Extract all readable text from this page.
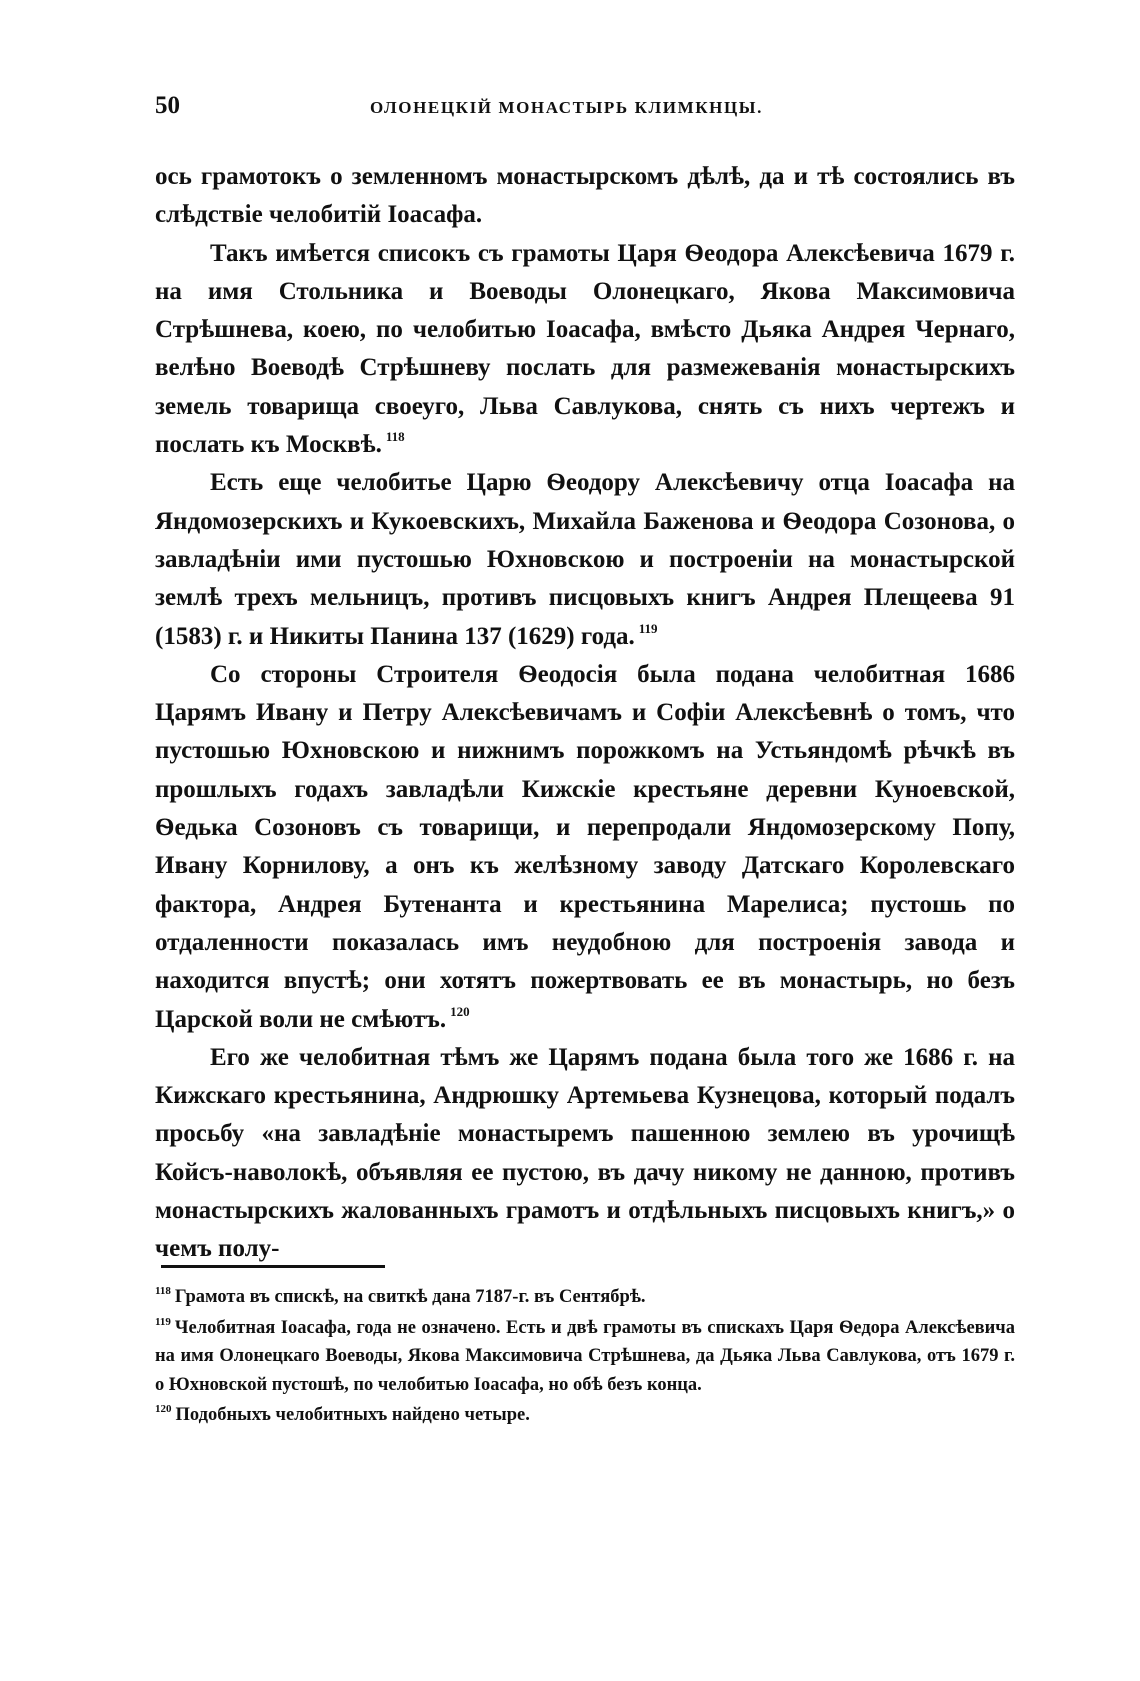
50	ОЛОНЕЦКІЙ МОНАСТЫРЬ КЛИМКНЦЫ.

ось грамотокъ о земленномъ монастырскомъ дѣлѣ, да и тѣ состоялись въ слѣдствіе челобитій Іоасафа.

Такъ имѣется списокъ съ грамоты Царя Ѳеодора Алексѣевича 1679 г. на имя Стольника и Воеводы Олонецкаго, Якова Максимовича Стрѣшнева, коею, по челобитью Іоасафа, вмѣсто Дьяка Андрея Чернаго, велѣно Воеводѣ Стрѣшневу послать для размежеванія монастырскихъ земель товарища своеуго, Льва Савлукова, снять съ нихъ чертежъ и послать къ Москвѣ. $^{118}$

Есть еще челобитье Царю Ѳеодору Алексѣевичу отца Іоасафа на Яндомозерскихъ и Кукоевскихъ, Михайла Баженова и Ѳеодора Созонова, о завладѣніи ими пустошью Юхновскою и построеніи на монастырской землѣ трехъ мельницъ, противъ писцовыхъ книгъ Андрея Плещеева 91 (1583) г. и Никиты Панина 137 (1629) года. $^{119}$

Со стороны Строителя Ѳеодосія была подана челобитная 1686 Царямъ Ивану и Петру Алексѣевичамъ и Софіи Алексѣевнѣ о томъ, что пустошью Юхновскою и нижнимъ порожкомъ на Устьяндомѣ рѣчкѣ въ прошлыхъ годахъ завладѣли Кижскіе крестьяне деревни Куноевской, Ѳедька Созоновъ съ товарищи, и перепродали Яндомозерскому Попу, Ивану Корнилову, а онъ къ желѣзному заводу Датскаго Королевскаго фактора, Андрея Бутенанта и крестьянина Марелиса; пустошь по отдаленности показалась имъ неудобною для построенія завода и находится впустѣ; они хотятъ пожертвовать ее въ монастырь, но безъ Царской воли не смѣютъ. $^{120}$

Его же челобитная тѣмъ же Царямъ подана была того же 1686 г. на Кижскаго крестьянина, Андрюшку Артемьева Кузнецова, который подалъ просьбу «на завладѣніе монастыремъ пашенною землею въ урочищѣ Койсъ-наволокѣ, объявляя ее пустою, въ дачу никому не данною, противъ монастырскихъ жалованныхъ грамотъ и отдѣльныхъ писцовыхъ книгъ,» о чемъ полу-

$^{118}$ Грамота въ спискѣ, на свиткѣ дана 7187-г. въ Сентябрѣ.

$^{119}$ Челобитная Іоасафа, года не означено. Есть и двѣ грамоты въ спискахъ Царя Ѳедора Алексѣевича на имя Олонецкаго Воеводы, Якова Максимовича Стрѣшнева, да Дьяка Льва Савлукова, отъ 1679 г. о Юхновской пустошѣ, по челобитью Іоасафа, но обѣ безъ конца.

$^{120}$ Подобныхъ челобитныхъ найдено четыре.
